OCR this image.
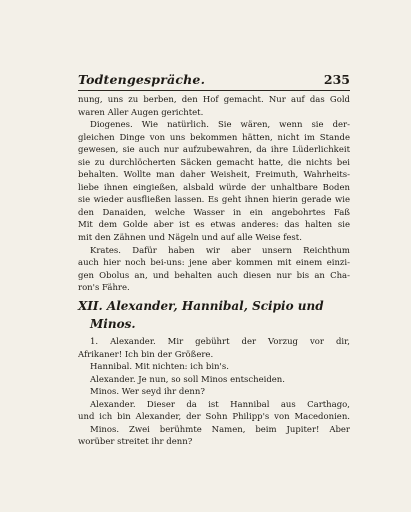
Todtengespräche.	235
nung, uns zu berben, den Hof gemacht. Nur auf das Gold
waren Aller Augen gerichtet.
Diogenes. Wie natürlich. Sie wären, wenn sie der-
gleichen Dinge von uns bekommen hätten, nicht im Stande
gewesen, sie auch nur aufzubewahren, da ihre Lüderlichkeit
sie zu durchlöcherten Säcken gemacht hatte, die nichts bei
behalten. Wollte man daher Weisheit, Freimuth, Wahrheits-
liebe ihnen eingießen, alsbald würde der unhaltbare Boden
sie wieder ausfließen lassen. Es geht ihnen hierin gerade wie
den Danaiden, welche Wasser in ein angebohrtes Faß
Mit dem Golde aber ist es etwas anderes: das halten sie
mit den Zähnen und Nägeln und auf alle Weise fest.
Krates. Dafür haben wir aber unsern Reichthum
auch hier noch bei-uns: jene aber kommen mit einem einzi-
gen Obolus an, und behalten auch diesen nur bis an Cha-
ron's Fähre.
XII. Alexander, Hannibal, Scipio und
Minos.
1. Alexander. Mir gebührt der Vorzug vor dir,
Afrikaner! Ich bin der Größere.
Hannibal. Mit nichten: ich bin's.
Alexander. Je nun, so soll Minos entscheiden.
Minos. Wer seyd ihr denn?
Alexander. Dieser da ist Hannibal aus Carthago,
und ich bin Alexander, der Sohn Philipp's von Macedonien.
Minos. Zwei berühmte Namen, beim Jupiter! Aber
worüber streitet ihr denn?
